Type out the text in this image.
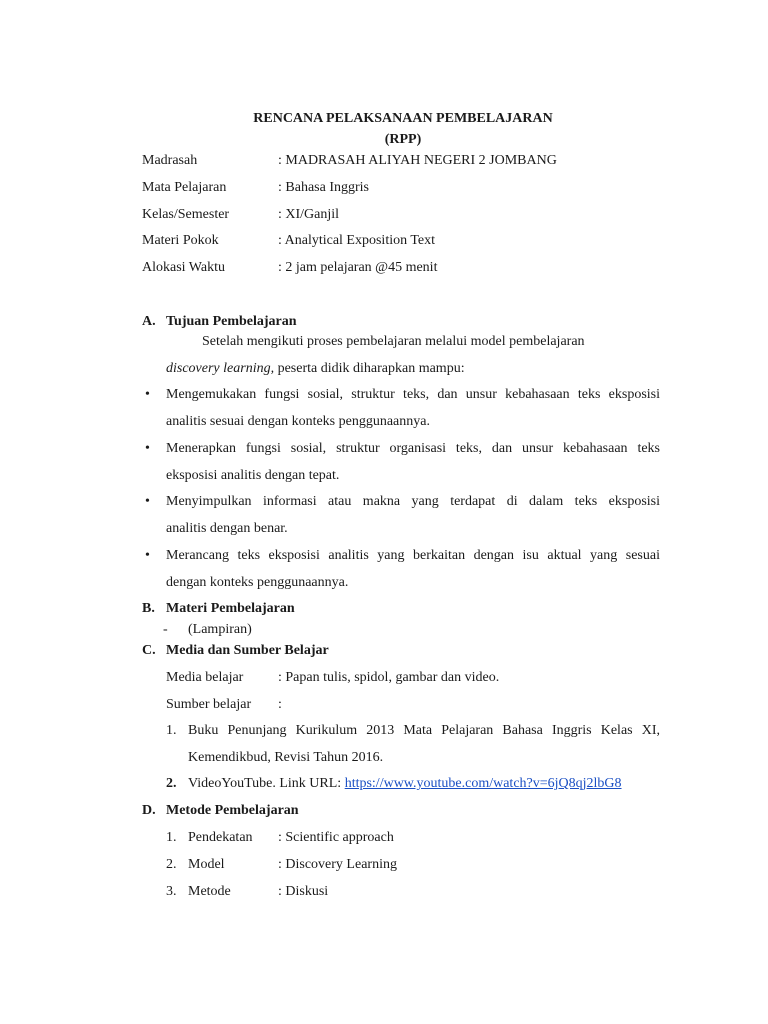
RENCANA PELAKSANAAN PEMBELAJARAN
(RPP)
Madrasah	: MADRASAH ALIYAH NEGERI 2 JOMBANG
Mata Pelajaran	: Bahasa Inggris
Kelas/Semester	: XI/Ganjil
Materi Pokok	: Analytical Exposition Text
Alokasi Waktu	: 2 jam pelajaran @45 menit
A. Tujuan Pembelajaran
Setelah mengikuti proses pembelajaran melalui model pembelajaran
discovery learning, peserta didik diharapkan mampu:
• Mengemukakan fungsi sosial, struktur teks, dan unsur kebahasaan teks eksposisi
analitis sesuai dengan konteks penggunaannya.
• Menerapkan fungsi sosial, struktur organisasi teks, dan unsur kebahasaan teks
eksposisi analitis dengan tepat.
• Menyimpulkan informasi atau makna yang terdapat di dalam teks eksposisi
analitis dengan benar.
• Merancang teks eksposisi analitis yang berkaitan dengan isu aktual yang sesuai
dengan konteks penggunaannya.
B. Materi Pembelajaran
- (Lampiran)
C. Media dan Sumber Belajar
Media belajar : Papan tulis, spidol, gambar dan video.
Sumber belajar :
1. Buku Penunjang Kurikulum 2013 Mata Pelajaran Bahasa Inggris Kelas XI,
Kemendikbud, Revisi Tahun 2016.
2. VideoYouTube. Link URL: https://www.youtube.com/watch?v=6jQ8qj2lbG8
D. Metode Pembelajaran
1. Pendekatan : Scientific approach
2. Model	: Discovery Learning
3. Metode	: Diskusi
